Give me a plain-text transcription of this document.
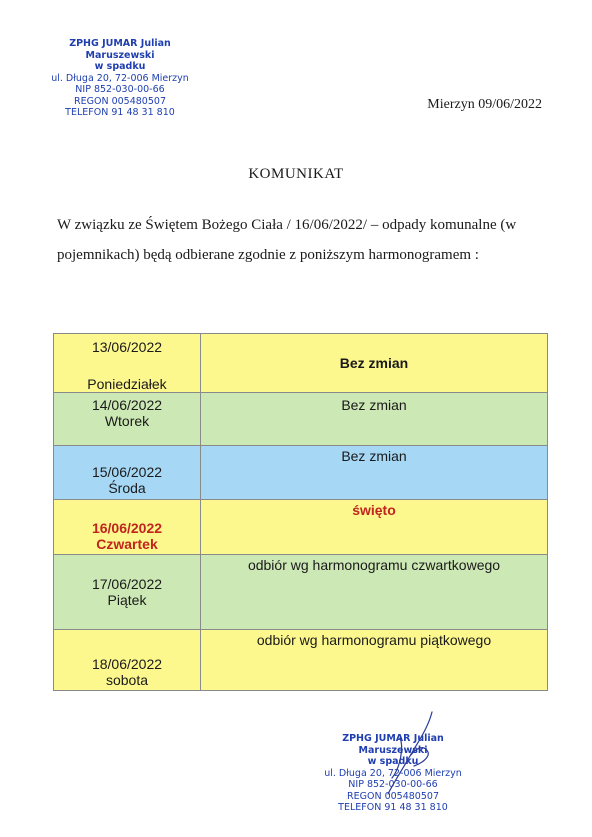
ZPHG JUMAR Julian Maruszewski
w spadku
ul. Długa 20, 72-006 Mierzyn
NIP 852-030-00-66
REGON 005480507
TELEFON 91 48 31 810
Mierzyn 09/06/2022
KOMUNIKAT
W związku ze Świętem Bożego Ciała / 16/06/2022/ – odpady komunalne (w pojemnikach) będą odbierane zgodnie z poniższym harmonogramem :
13/06/2022
Poniedziałek	Bez zmian

14/06/2022
Wtorek	Bez zmian

15/06/2022
Środa	Bez zmian

16/06/2022
Czwartek	święto

17/06/2022
Piątek	odbiór wg harmonogramu czwartkowego

18/06/2022
sobota	odbiór wg harmonogramu piątkowego
ZPHG JUMAR Julian Maruszewski
w spadku
ul. Długa 20, 72-006 Mierzyn
NIP 852-030-00-66
REGON 005480507
TELEFON 91 48 31 810
